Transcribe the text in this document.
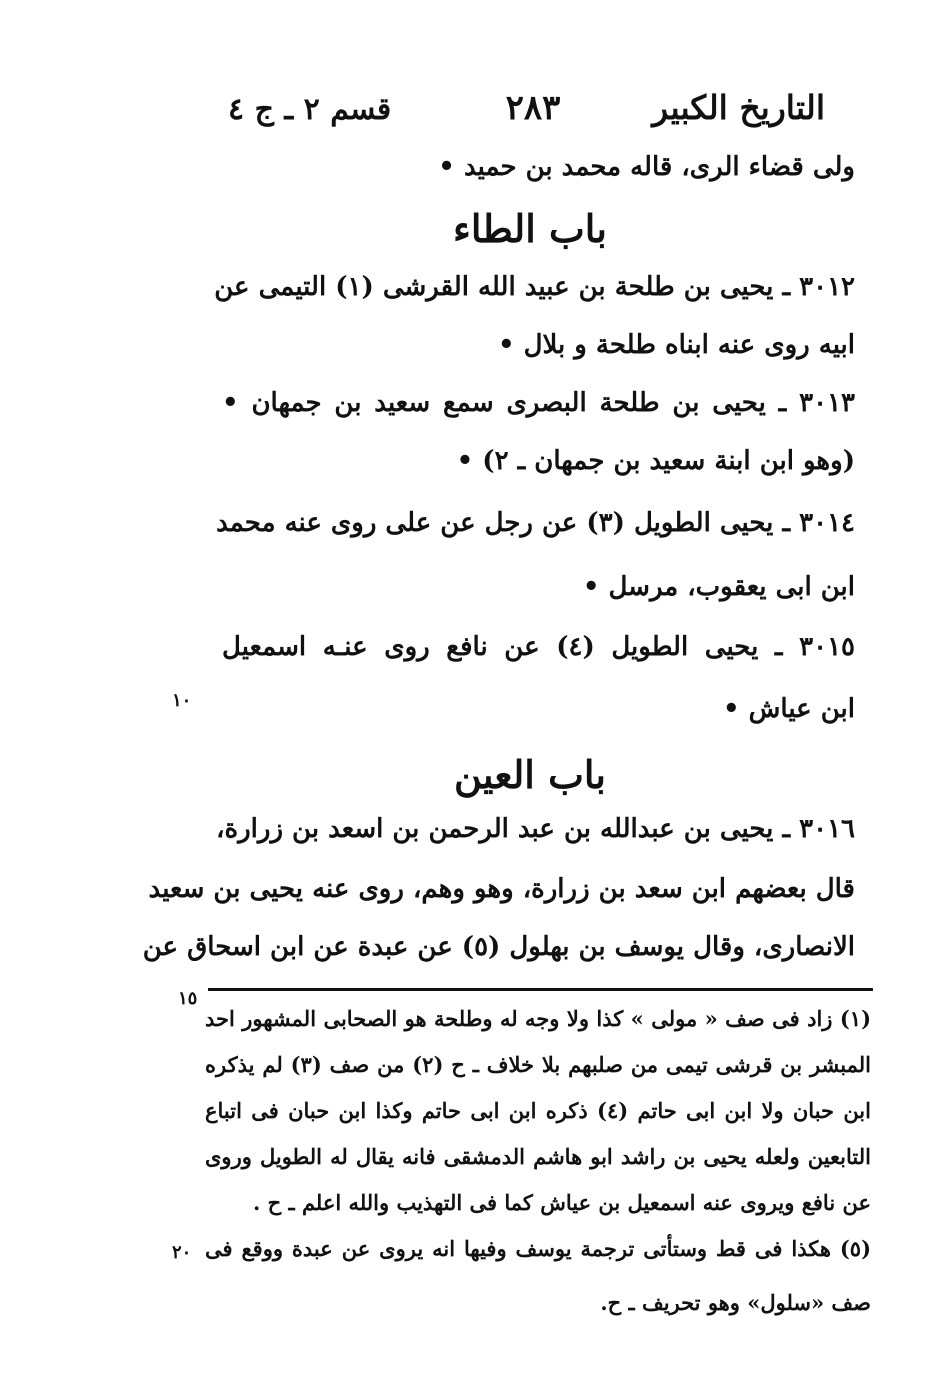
التاريخ الكبير
٢٨٣
قسم ٢ ـ ج ٤
ولى قضاء الرى، قاله محمد بن حميد •
باب الطاء
٣٠١٢ ـ يحيى بن طلحة بن عبيد الله القرشى (١) التيمى عن
ابيه روى عنه ابناه طلحة و بلال •
٣٠١٣ ـ يحيى بن طلحة البصرى سمع سعيد بن جمهان •
(وهو ابن ابنة سعيد بن جمهان ـ ٢) •
٣٠١٤ ـ يحيى الطويل (٣) عن رجل عن على روى عنه محمد
ابن ابى يعقوب، مرسل •
٣٠١٥ ـ يحيى الطويل (٤) عن نافع روى عنـه اسمعيل
ابن عياش •
١٠
باب العين
٣٠١٦ ـ يحيى بن عبدالله بن عبد الرحمن بن اسعد بن زرارة،
قال بعضهم ابن سعد بن زرارة، وهو وهم، روى عنه يحيى بن سعيد
الانصارى، وقال يوسف بن بهلول (٥) عن عبدة عن ابن اسحاق عن
١٥
(١) زاد فى صف « مولى » كذا ولا وجه له وطلحة هو الصحابى المشهور احد
المبشر بن قرشى تيمى من صلبهم بلا خلاف ـ ح (٢) من صف (٣) لم يذكره
ابن حبان ولا ابن ابى حاتم (٤) ذكره ابن ابى حاتم وكذا ابن حبان فى اتباع
التابعين ولعله يحيى بن راشد ابو هاشم الدمشقى فانه يقال له الطويل وروى
عن نافع ويروى عنه اسمعيل بن عياش كما فى التهذيب والله اعلم ـ ح .
(٥) هكذا فى قط وستأتى ترجمة يوسف وفيها انه يروى عن عبدة ووقع فى
صف «سلول» وهو تحريف ـ ح.
٢٠
